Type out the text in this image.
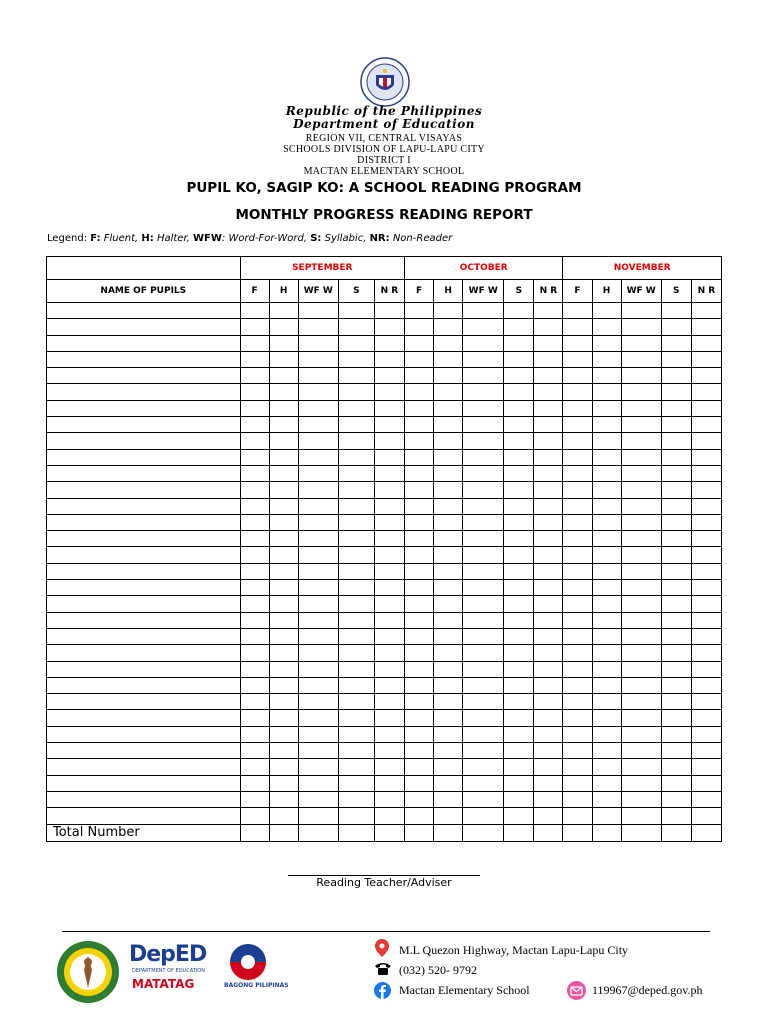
Republic of the Philippines
Department of Education
REGION VII, CENTRAL VISAYAS
SCHOOLS DIVISION OF LAPU-LAPU CITY
DISTRICT I
MACTAN ELEMENTARY SCHOOL
PUPIL KO, SAGIP KO: A SCHOOL READING PROGRAM
MONTHLY PROGRESS READING REPORT
Legend: F: Fluent, H: Halter, WFW: Word-For-Word, S: Syllabic, NR: Non-Reader
	SEPTEMBER					OCTOBER					NOVEMBER				
NAME OF PUPILS	F	H	WF W	S	N R	F	H	WF W	S	N R	F	H	WF W	S	N R

Total Number															
Reading Teacher/Adviser
DepED
DEPARTMENT OF EDUCATION
MATATAG	BAGONG PILIPINAS
M.L Quezon Highway, Mactan Lapu-Lapu City
(032) 520- 9792
Mactan Elementary School	119967@deped.gov.ph
